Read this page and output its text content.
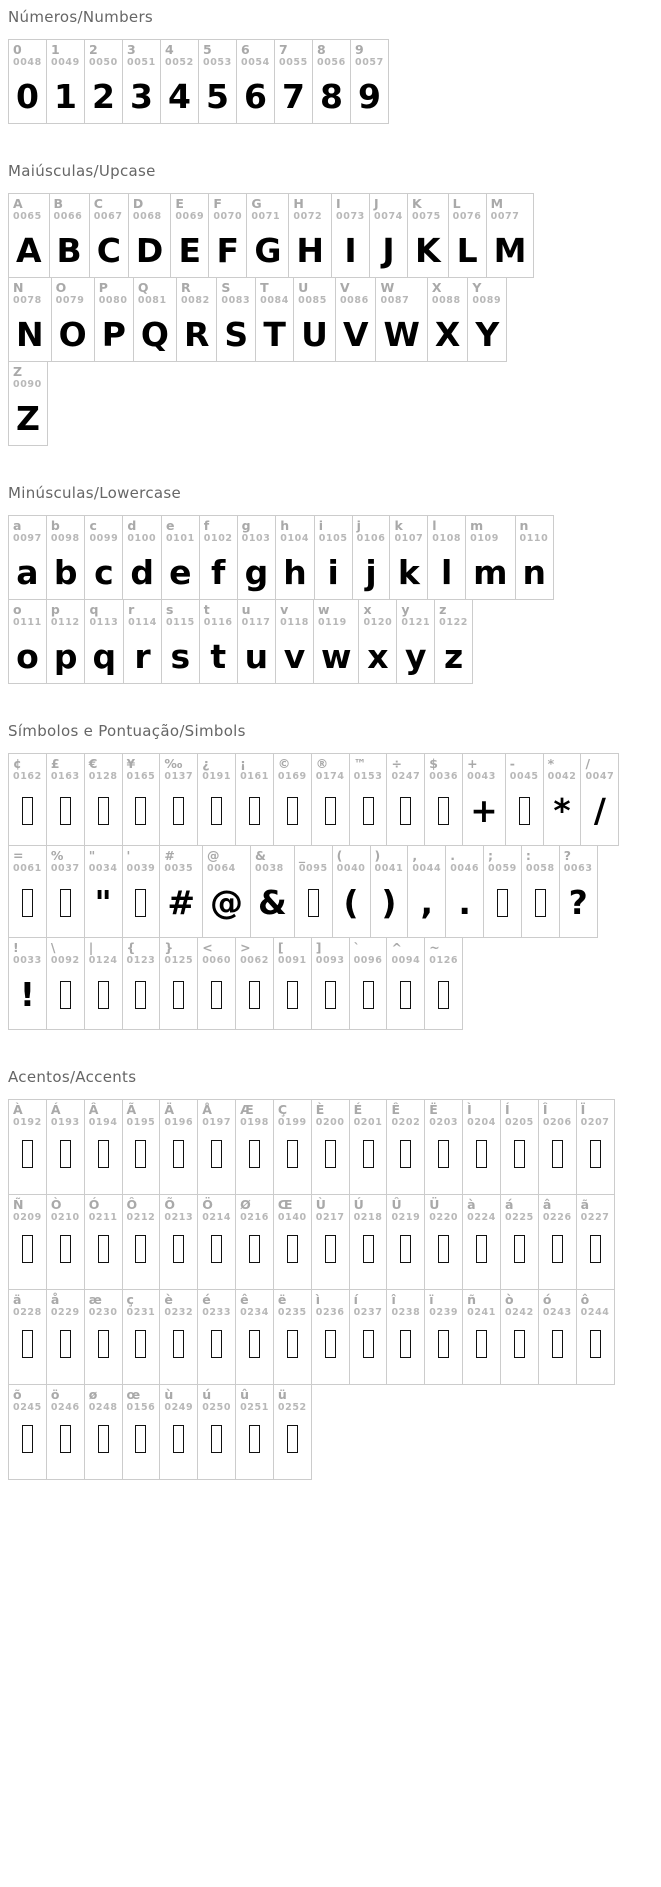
Números/Numbers
0
0048
0
1
0049
1
2
0050
2
3
0051
3
4
0052
4
5
0053
5
6
0054
6
7
0055
7
8
0056
8
9
0057
9
Maiúsculas/Upcase
A
0065
A
B
0066
B
C
0067
C
D
0068
D
E
0069
E
F
0070
F
G
0071
G
H
0072
H
I
0073
I
J
0074
J
K
0075
K
L
0076
L
M
0077
M
N
0078
N
O
0079
O
P
0080
P
Q
0081
Q
R
0082
R
S
0083
S
T
0084
T
U
0085
U
V
0086
V
W
0087
W
X
0088
X
Y
0089
Y
Z
0090
Z
Minúsculas/Lowercase
a
0097
a
b
0098
b
c
0099
c
d
0100
d
e
0101
e
f
0102
f
g
0103
g
h
0104
h
i
0105
i
j
0106
j
k
0107
k
l
0108
l
m
0109
m
n
0110
n
o
0111
o
p
0112
p
q
0113
q
r
0114
r
s
0115
s
t
0116
t
u
0117
u
v
0118
v
w
0119
w
x
0120
x
y
0121
y
z
0122
z
Símbolos e Pontuação/Simbols
¢
0162
£
0163
€
0128
¥
0165
‰
0137
¿
0191
¡
0161
©
0169
®
0174
™
0153
÷
0247
$
0036
+
0043
+
-
0045
*
0042
*
/
0047
/
=
0061
%
0037
"
0034
"
'
0039
#
0035
#
@
0064
@
&
0038
&
_
0095
(
0040
(
)
0041
)
,
0044
,
.
0046
.
;
0059
:
0058
?
0063
?
!
0033
!
\
0092
|
0124
{
0123
}
0125
<
0060
>
0062
[
0091
]
0093
`
0096
^
0094
~
0126
Acentos/Accents
À
0192
Á
0193
Â
0194
Ã
0195
Ä
0196
Å
0197
Æ
0198
Ç
0199
È
0200
É
0201
Ê
0202
Ë
0203
Ì
0204
Í
0205
Î
0206
Ï
0207
Ñ
0209
Ò
0210
Ó
0211
Ô
0212
Õ
0213
Ö
0214
Ø
0216
Œ
0140
Ù
0217
Ú
0218
Û
0219
Ü
0220
à
0224
á
0225
â
0226
ã
0227
ä
0228
å
0229
æ
0230
ç
0231
è
0232
é
0233
ê
0234
ë
0235
ì
0236
í
0237
î
0238
ï
0239
ñ
0241
ò
0242
ó
0243
ô
0244
õ
0245
ö
0246
ø
0248
œ
0156
ù
0249
ú
0250
û
0251
ü
0252
